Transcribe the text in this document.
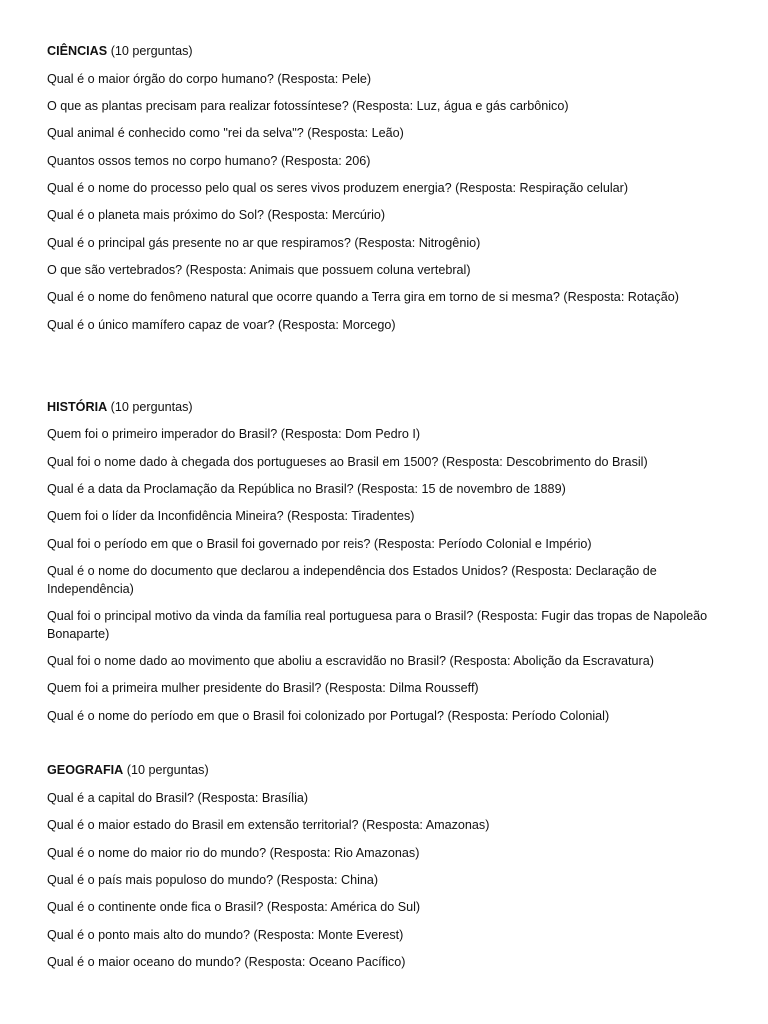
CIÊNCIAS (10 perguntas)
Qual é o maior órgão do corpo humano? (Resposta: Pele)
O que as plantas precisam para realizar fotossíntese? (Resposta: Luz, água e gás carbônico)
Qual animal é conhecido como "rei da selva"? (Resposta: Leão)
Quantos ossos temos no corpo humano? (Resposta: 206)
Qual é o nome do processo pelo qual os seres vivos produzem energia? (Resposta: Respiração celular)
Qual é o planeta mais próximo do Sol? (Resposta: Mercúrio)
Qual é o principal gás presente no ar que respiramos? (Resposta: Nitrogênio)
O que são vertebrados? (Resposta: Animais que possuem coluna vertebral)
Qual é o nome do fenômeno natural que ocorre quando a Terra gira em torno de si mesma? (Resposta: Rotação)
Qual é o único mamífero capaz de voar? (Resposta: Morcego)
HISTÓRIA (10 perguntas)
Quem foi o primeiro imperador do Brasil? (Resposta: Dom Pedro I)
Qual foi o nome dado à chegada dos portugueses ao Brasil em 1500? (Resposta: Descobrimento do Brasil)
Qual é a data da Proclamação da República no Brasil? (Resposta: 15 de novembro de 1889)
Quem foi o líder da Inconfidência Mineira? (Resposta: Tiradentes)
Qual foi o período em que o Brasil foi governado por reis? (Resposta: Período Colonial e Império)
Qual é o nome do documento que declarou a independência dos Estados Unidos? (Resposta: Declaração de Independência)
Qual foi o principal motivo da vinda da família real portuguesa para o Brasil? (Resposta: Fugir das tropas de Napoleão Bonaparte)
Qual foi o nome dado ao movimento que aboliu a escravidão no Brasil? (Resposta: Abolição da Escravatura)
Quem foi a primeira mulher presidente do Brasil? (Resposta: Dilma Rousseff)
Qual é o nome do período em que o Brasil foi colonizado por Portugal? (Resposta: Período Colonial)
GEOGRAFIA (10 perguntas)
Qual é a capital do Brasil? (Resposta: Brasília)
Qual é o maior estado do Brasil em extensão territorial? (Resposta: Amazonas)
Qual é o nome do maior rio do mundo? (Resposta: Rio Amazonas)
Qual é o país mais populoso do mundo? (Resposta: China)
Qual é o continente onde fica o Brasil? (Resposta: América do Sul)
Qual é o ponto mais alto do mundo? (Resposta: Monte Everest)
Qual é o maior oceano do mundo? (Resposta: Oceano Pacífico)
